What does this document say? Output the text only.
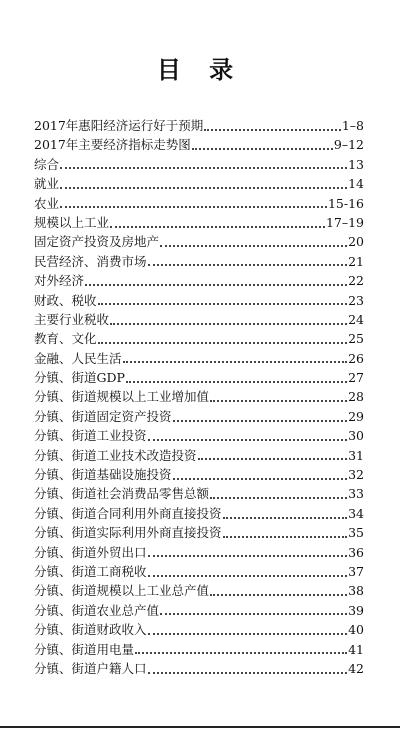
目 录
2017年惠阳经济运行好于预期	1–8
2017年主要经济指标走势图	9–12
综合	13
就业	14
农业	15-16
规模以上工业	17–19
固定资产投资及房地产	20
民营经济、消费市场	21
对外经济	22
财政、税收	23
主要行业税收	24
教育、文化	25
金融、人民生活	26
分镇、街道GDP	27
分镇、街道规模以上工业增加值	28
分镇、街道固定资产投资	29
分镇、街道工业投资	30
分镇、街道工业技术改造投资	31
分镇、街道基础设施投资	32
分镇、街道社会消费品零售总额	33
分镇、街道合同利用外商直接投资	34
分镇、街道实际利用外商直接投资	35
分镇、街道外贸出口	36
分镇、街道工商税收	37
分镇、街道规模以上工业总产值	38
分镇、街道农业总产值	39
分镇、街道财政收入	40
分镇、街道用电量	41
分镇、街道户籍人口	42
